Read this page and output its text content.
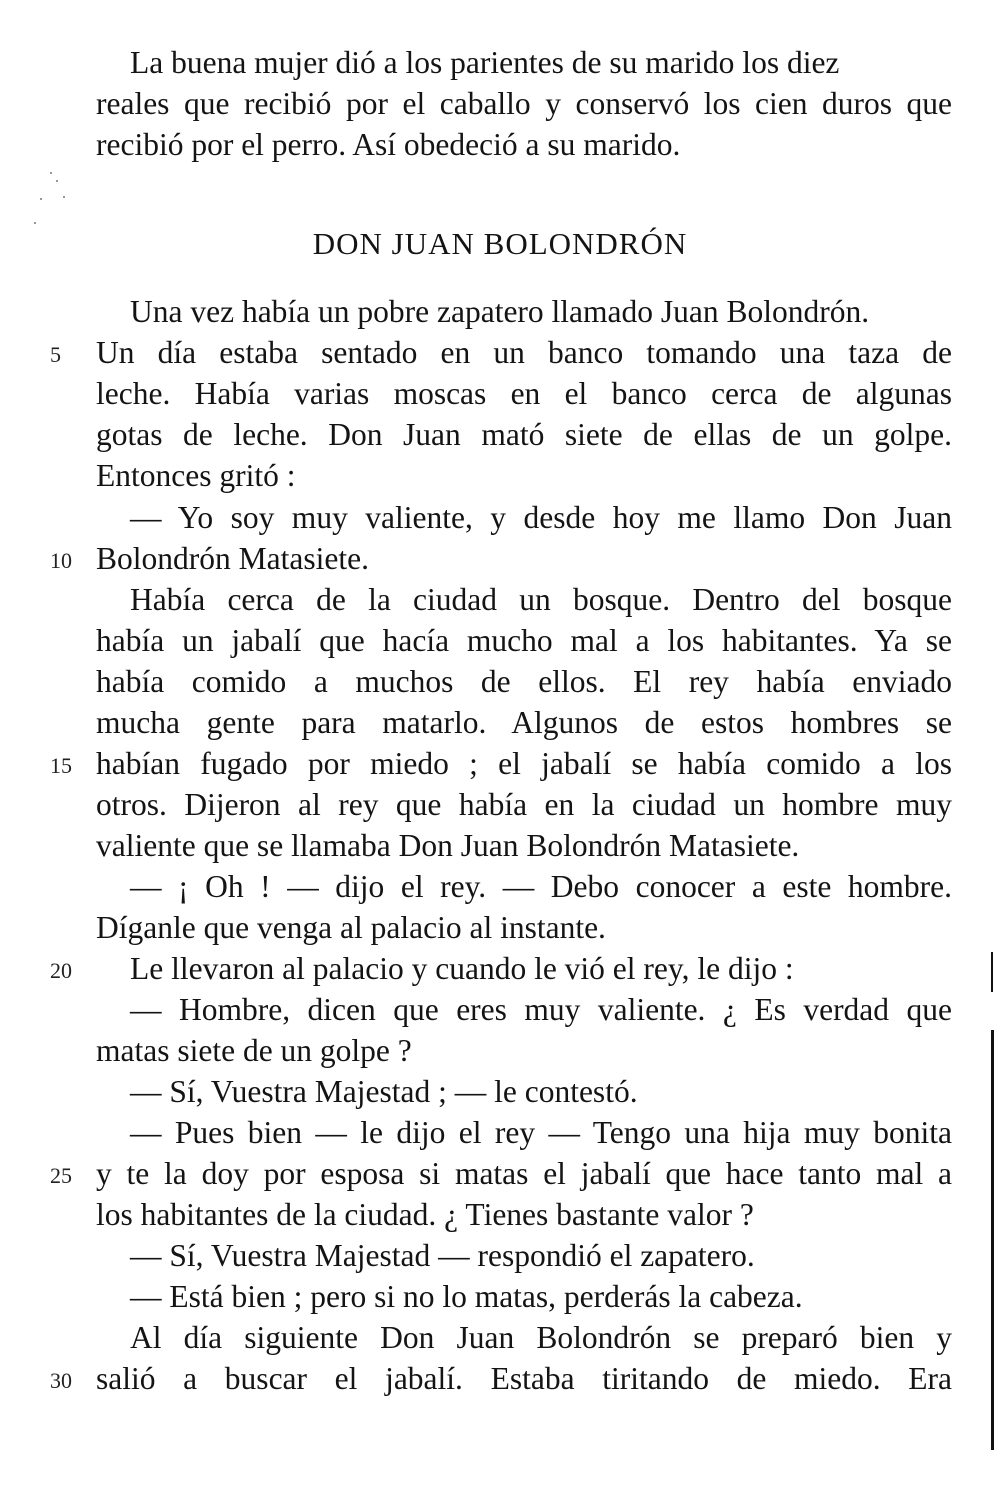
La buena mujer dió a los parientes de su marido los diez
reales que recibió por el caballo y conservó los cien duros que
recibió por el perro. Así obedeció a su marido.
DON JUAN BOLONDRÓN
Una vez había un pobre zapatero llamado Juan Bolondrón.
5	Un día estaba sentado en un banco tomando una taza de
leche. Había varias moscas en el banco cerca de algunas
gotas de leche. Don Juan mató siete de ellas de un golpe.
Entonces gritó :
— Yo soy muy valiente, y desde hoy me llamo Don Juan
10 Bolondrón Matasiete.
Había cerca de la ciudad un bosque. Dentro del bosque
había un jabalí que hacía mucho mal a los habitantes. Ya se
había comido a muchos de ellos. El rey había enviado
mucha gente para matarlo. Algunos de estos hombres se
15 habían fugado por miedo ; el jabalí se había comido a los
otros. Dijeron al rey que había en la ciudad un hombre muy
valiente que se llamaba Don Juan Bolondrón Matasiete.
— ¡ Oh ! — dijo el rey. — Debo conocer a este hombre.
Díganle que venga al palacio al instante.
20	Le llevaron al palacio y cuando le vió el rey, le dijo :
— Hombre, dicen que eres muy valiente. ¿ Es verdad que
matas siete de un golpe ?
— Sí, Vuestra Majestad ; — le contestó.
— Pues bien — le dijo el rey — Tengo una hija muy bonita
25 y te la doy por esposa si matas el jabalí que hace tanto mal a
los habitantes de la ciudad. ¿ Tienes bastante valor ?
— Sí, Vuestra Majestad — respondió el zapatero.
— Está bien ; pero si no lo matas, perderás la cabeza.
Al día siguiente Don Juan Bolondrón se preparó bien y
30 salió a buscar el jabalí. Estaba tiritando de miedo. Era
